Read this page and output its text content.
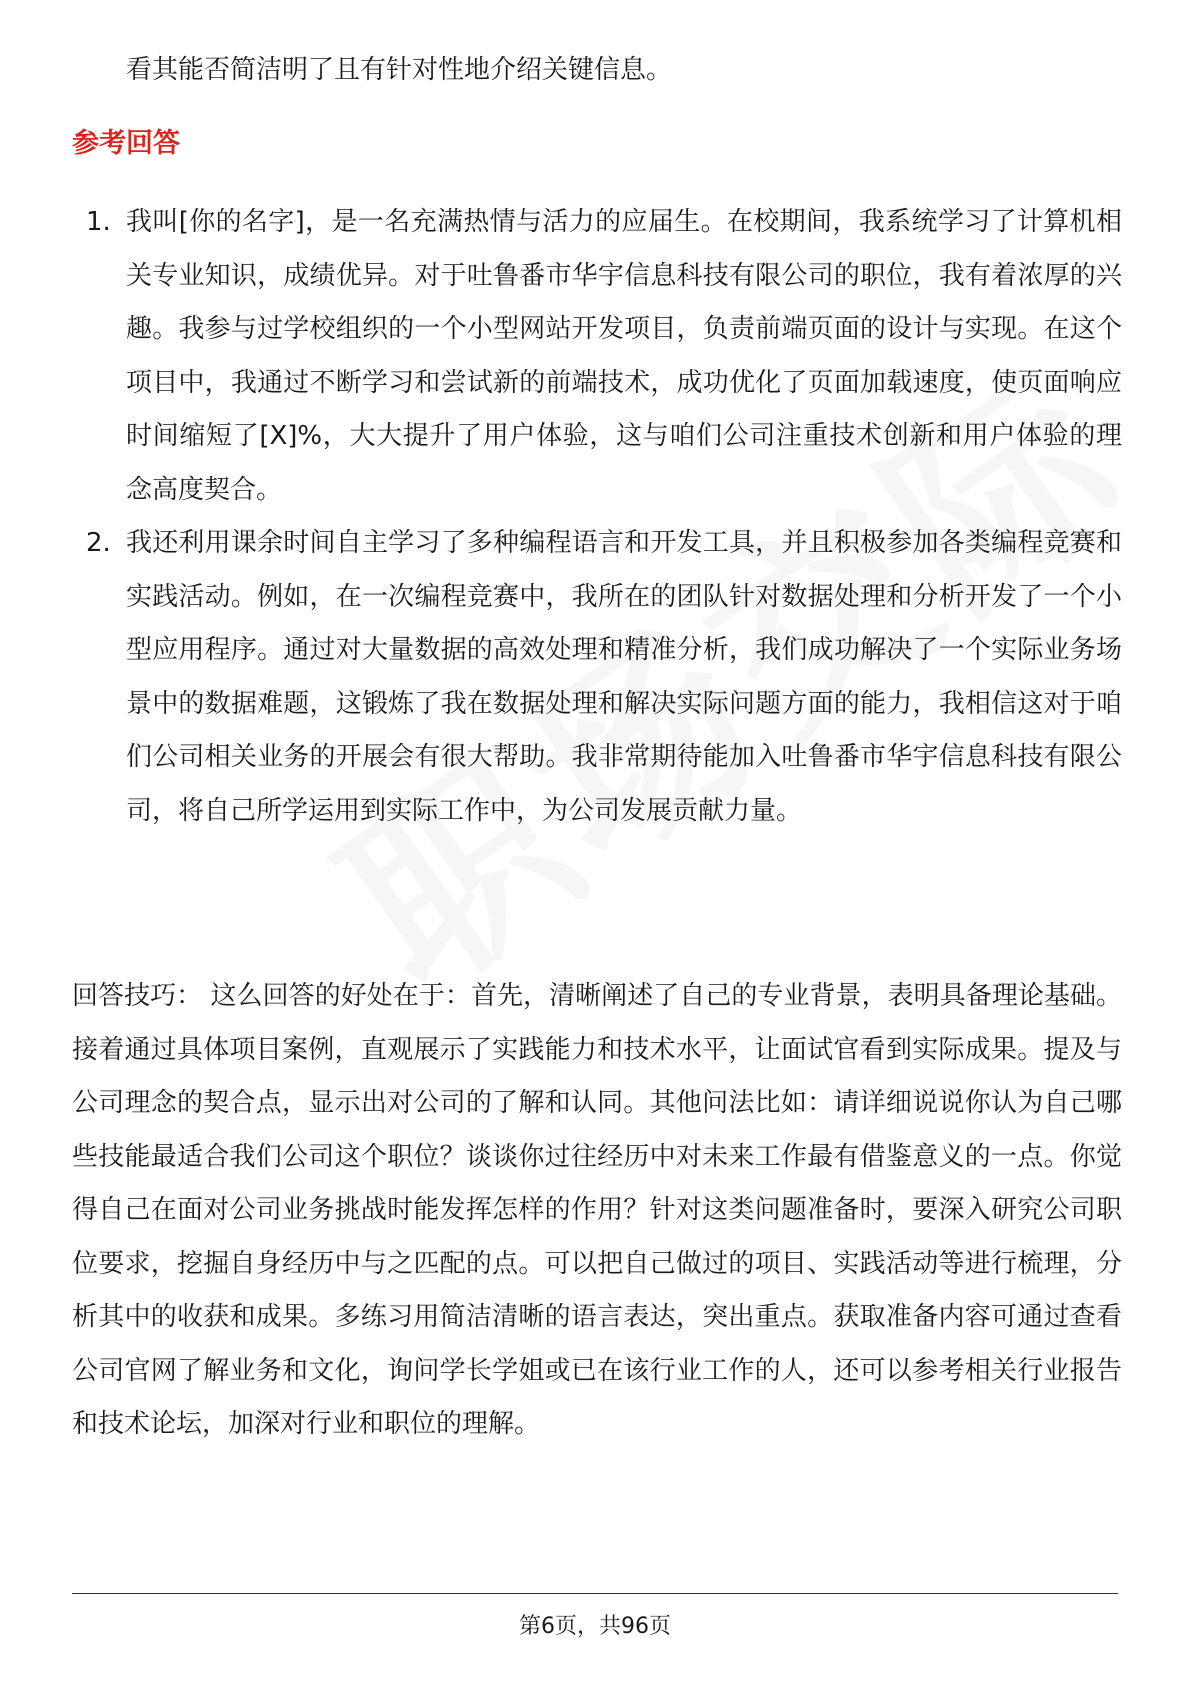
看其能否简洁明了且有针对性地介绍关键信息。
参考回答
1. 我叫[你的名字]，是一名充满热情与活力的应届生。在校期间，我系统学习了计算机相关专业知识，成绩优异。对于吐鲁番市华宇信息科技有限公司的职位，我有着浓厚的兴趣。我参与过学校组织的一个小型网站开发项目，负责前端页面的设计与实现。在这个项目中，我通过不断学习和尝试新的前端技术，成功优化了页面加载速度，使页面响应时间缩短了[X]%，大大提升了用户体验，这与咱们公司注重技术创新和用户体验的理念高度契合。
2. 我还利用课余时间自主学习了多种编程语言和开发工具，并且积极参加各类编程竞赛和实践活动。例如，在一次编程竞赛中，我所在的团队针对数据处理和分析开发了一个小型应用程序。通过对大量数据的高效处理和精准分析，我们成功解决了一个实际业务场景中的数据难题，这锻炼了我在数据处理和解决实际问题方面的能力，我相信这对于咱们公司相关业务的开展会有很大帮助。我非常期待能加入吐鲁番市华宇信息科技有限公司，将自己所学运用到实际工作中，为公司发展贡献力量。
回答技巧： 这么回答的好处在于：首先，清晰阐述了自己的专业背景，表明具备理论基础。接着通过具体项目案例，直观展示了实践能力和技术水平，让面试官看到实际成果。提及与公司理念的契合点，显示出对公司的了解和认同。其他问法比如：请详细说说你认为自己哪些技能最适合我们公司这个职位？谈谈你过往经历中对未来工作最有借鉴意义的一点。你觉得自己在面对公司业务挑战时能发挥怎样的作用？针对这类问题准备时，要深入研究公司职位要求，挖掘自身经历中与之匹配的点。可以把自己做过的项目、实践活动等进行梳理，分析其中的收获和成果。多练习用简洁清晰的语言表达，突出重点。获取准备内容可通过查看公司官网了解业务和文化，询问学长学姐或已在该行业工作的人，还可以参考相关行业报告和技术论坛，加深对行业和职位的理解。
第6页，共96页
